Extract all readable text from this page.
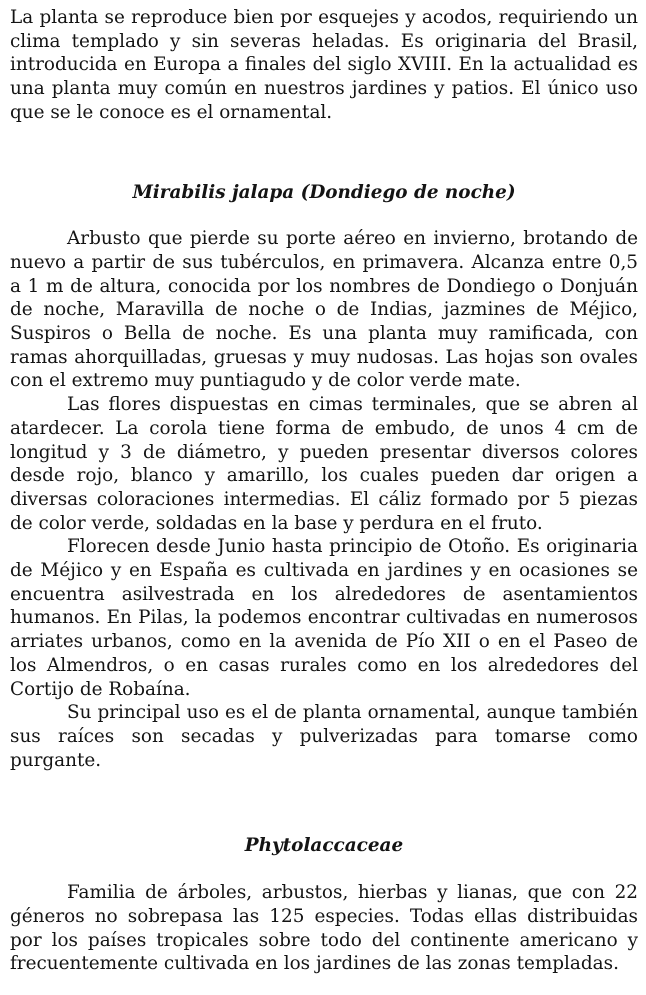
La planta se reproduce bien por esquejes y acodos, requiriendo un clima templado y sin severas heladas. Es originaria del Brasil, introducida en Europa a finales del siglo XVIII. En la actualidad es una planta muy común en nuestros jardines y patios. El único uso que se le conoce es el ornamental.

Mirabilis jalapa (Dondiego de noche)

Arbusto que pierde su porte aéreo en invierno, brotando de nuevo a partir de sus tubérculos, en primavera. Alcanza entre 0,5 a 1 m de altura, conocida por los nombres de Dondiego o Donjuán de noche, Maravilla de noche o de Indias, jazmines de Méjico, Suspiros o Bella de noche. Es una planta muy ramificada, con ramas ahorquilladas, gruesas y muy nudosas. Las hojas son ovales con el extremo muy puntiagudo y de color verde mate.

Las flores dispuestas en cimas terminales, que se abren al atardecer. La corola tiene forma de embudo, de unos 4 cm de longitud y 3 de diámetro, y pueden presentar diversos colores desde rojo, blanco y amarillo, los cuales pueden dar origen a diversas coloraciones intermedias. El cáliz formado por 5 piezas de color verde, soldadas en la base y perdura en el fruto.

Florecen desde Junio hasta principio de Otoño. Es originaria de Méjico y en España es cultivada en jardines y en ocasiones se encuentra asilvestrada en los alrededores de asentamientos humanos. En Pilas, la podemos encontrar cultivadas en numerosos arriates urbanos, como en la avenida de Pío XII o en el Paseo de los Almendros, o en casas rurales como en los alrededores del Cortijo de Robaína.

Su principal uso es el de planta ornamental, aunque también sus raíces son secadas y pulverizadas para tomarse como purgante.

Phytolaccaceae

Familia de árboles, arbustos, hierbas y lianas, que con 22 géneros no sobrepasa las 125 especies. Todas ellas distribuidas por los países tropicales sobre todo del continente americano y frecuentemente cultivada en los jardines de las zonas templadas.
